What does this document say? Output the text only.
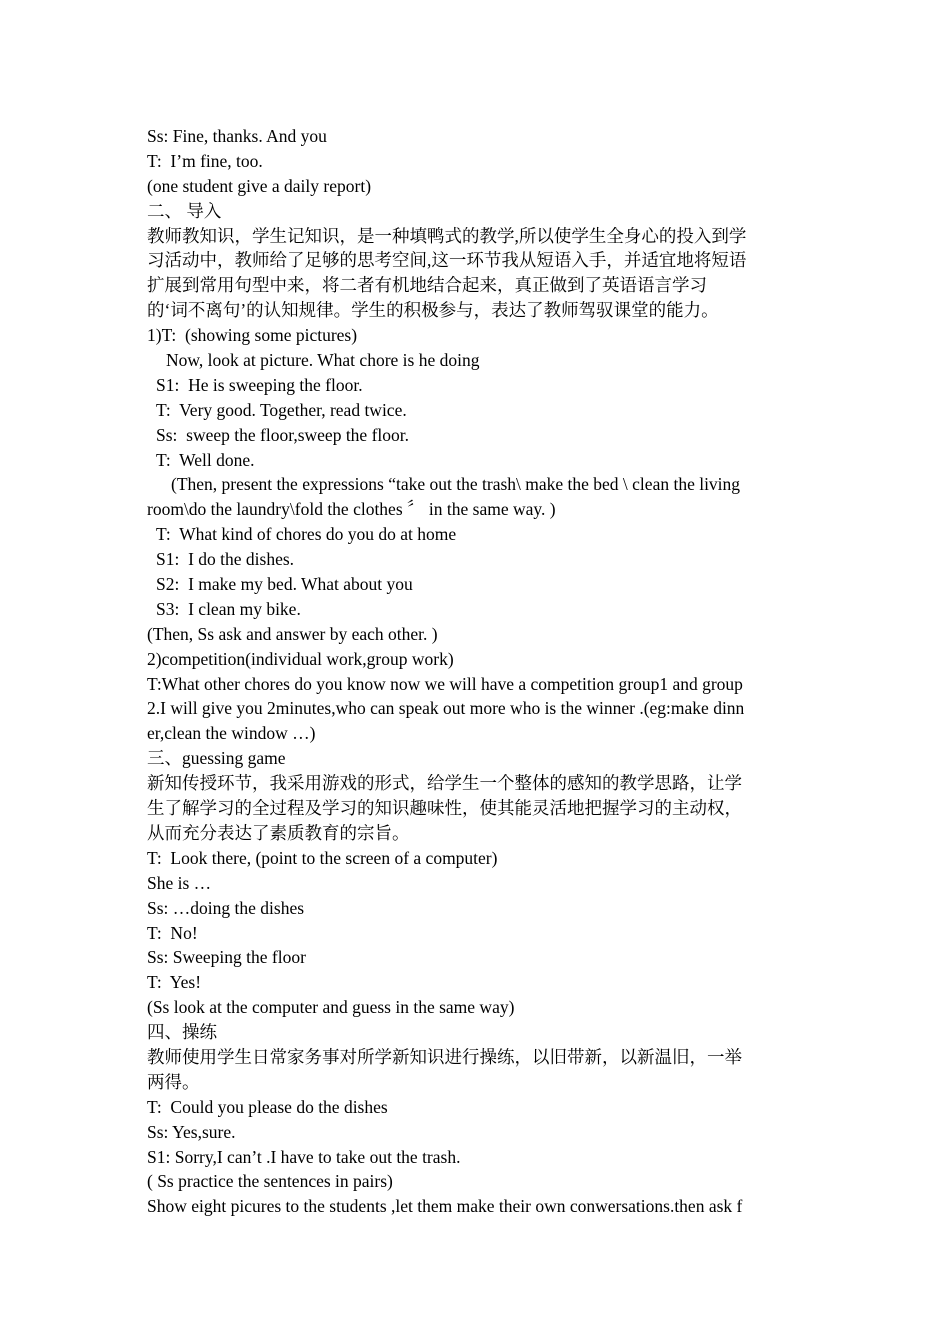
Ss: Fine, thanks. And you
T:  I’m fine, too.
(one student give a daily report)
二、 导入
教师教知识，学生记知识，是一种填鸭式的教学,所以使学生全身心的投入到学
习活动中，教师给了足够的思考空间,这一环节我从短语入手，并适宜地将短语
扩展到常用句型中来，将二者有机地结合起来，真正做到了英语语言学习
的‘词不离句’的认知规律。学生的积极参与，表达了教师驾驭课堂的能力。
1)T:  (showing some pictures)
Now, look at picture. What chore is he doing
S1:  He is sweeping the floor.
T:  Very good. Together, read twice.
Ss:  sweep the floor,sweep the floor.
T:  Well done.
(Then, present the expressions “take out the trash\ make the bed \ clean the living
room\do the laundry\fold the clothes 〞 in the same way. )
T:  What kind of chores do you do at home
S1:  I do the dishes.
S2:  I make my bed. What about you
S3:  I clean my bike.
(Then, Ss ask and answer by each other. )
2)competition(individual work,group work)
T:What other chores do you know now we will have a competition group1 and group
2.I will give you 2minutes,who can speak out more who is the winner .(eg:make dinn
er,clean the window …)
三、guessing game
新知传授环节，我采用游戏的形式，给学生一个整体的感知的教学思路，让学
生了解学习的全过程及学习的知识趣味性，使其能灵活地把握学习的主动权，
从而充分表达了素质教育的宗旨。
T:  Look there, (point to the screen of a computer)
She is …
Ss: …doing the dishes
T:  No!
Ss: Sweeping the floor
T:  Yes!
(Ss look at the computer and guess in the same way)
四、操练
教师使用学生日常家务事对所学新知识进行操练，以旧带新，以新温旧，一举
两得。
T:  Could you please do the dishes
Ss: Yes,sure.
S1: Sorry,I can’t .I have to take out the trash.
( Ss practice the sentences in pairs)
Show eight picures to the students ,let them make their own conwersations.then ask f
